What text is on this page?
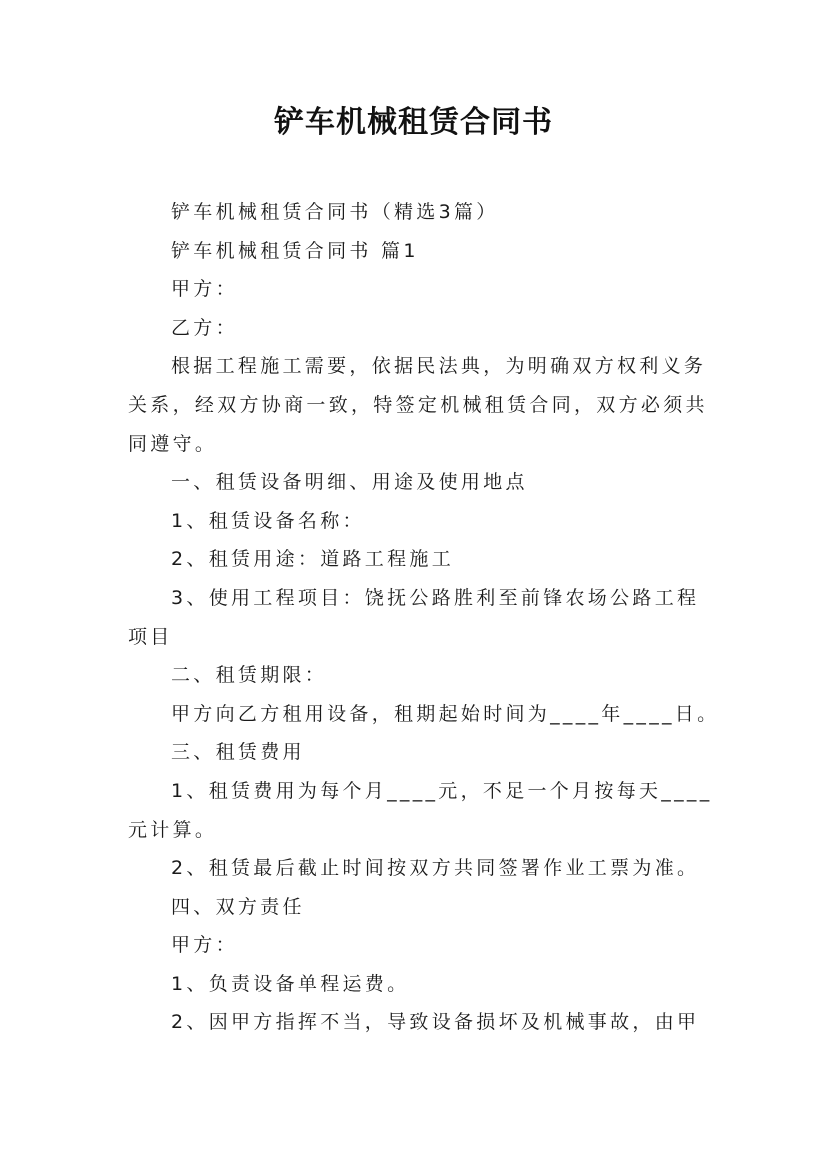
铲车机械租赁合同书
铲车机械租赁合同书（精选3篇）
铲车机械租赁合同书 篇1
甲方：
乙方：
根据工程施工需要，依据民法典，为明确双方权利义务
关系，经双方协商一致，特签定机械租赁合同，双方必须共
同遵守。
一、租赁设备明细、用途及使用地点
1、租赁设备名称：
2、租赁用途：道路工程施工
3、使用工程项目：饶抚公路胜利至前锋农场公路工程
项目
二、租赁期限：
甲方向乙方租用设备，租期起始时间为____年____日。
三、租赁费用
1、租赁费用为每个月____元，不足一个月按每天____
元计算。
2、租赁最后截止时间按双方共同签署作业工票为准。
四、双方责任
甲方：
1、负责设备单程运费。
2、因甲方指挥不当，导致设备损坏及机械事故，由甲
